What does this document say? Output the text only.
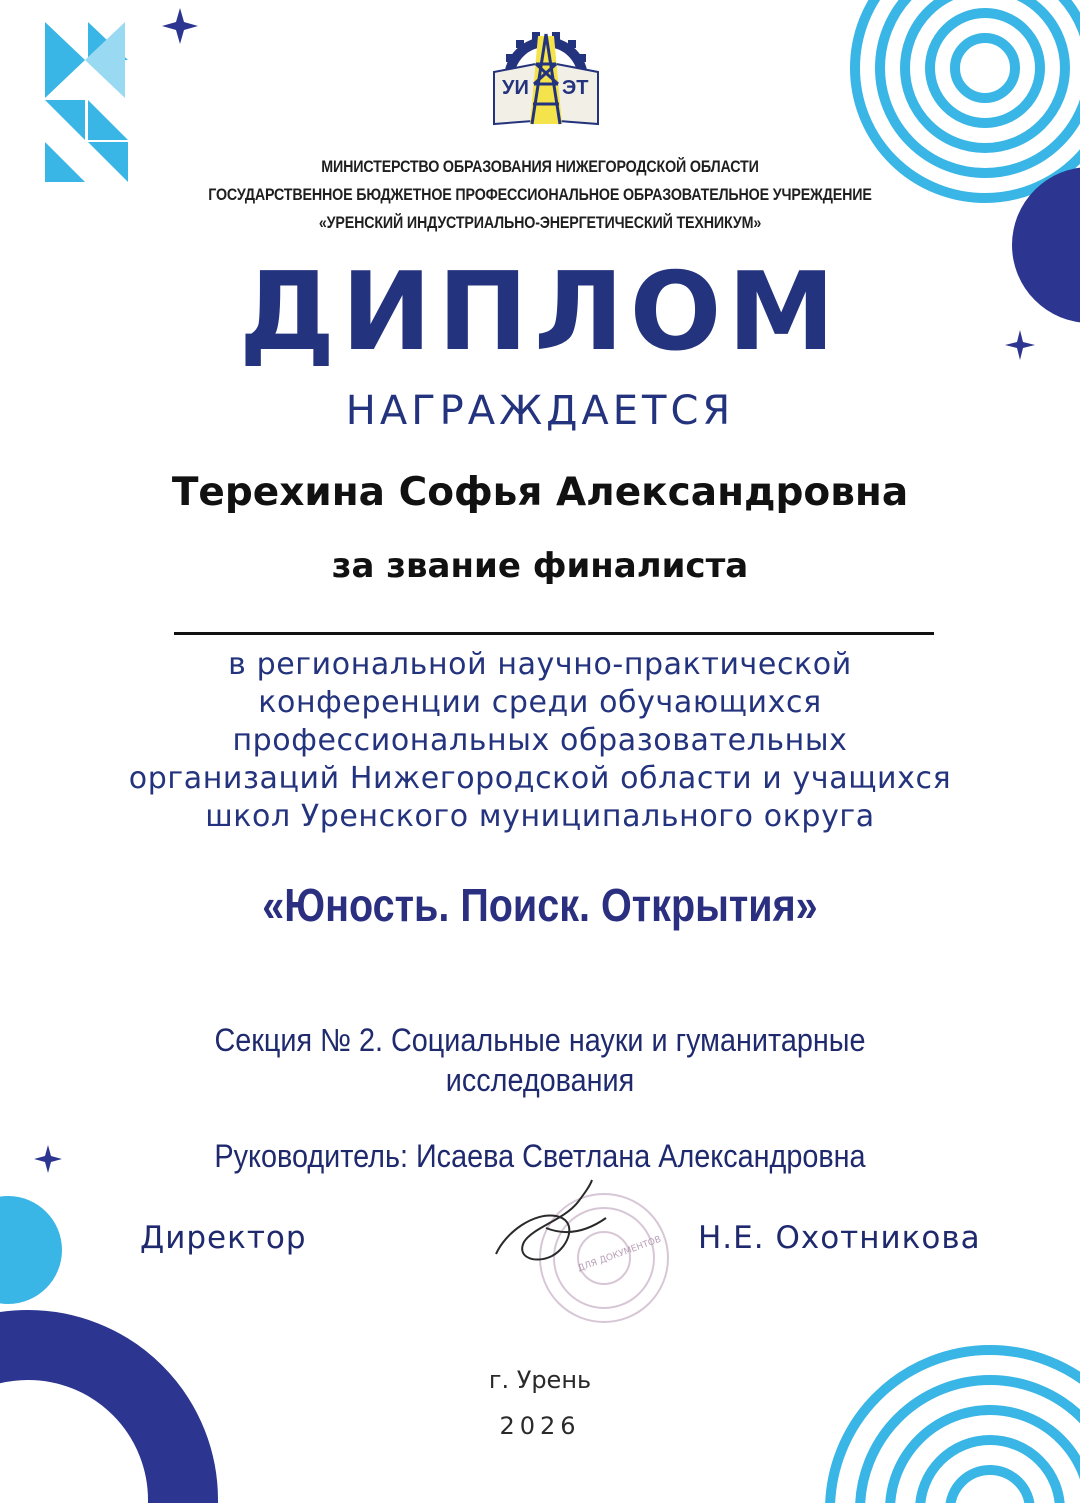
УИ ЭТ
МИНИСТЕРСТВО ОБРАЗОВАНИЯ НИЖЕГОРОДСКОЙ ОБЛАСТИ
ГОСУДАРСТВЕННОЕ БЮДЖЕТНОЕ ПРОФЕССИОНАЛЬНОЕ ОБРАЗОВАТЕЛЬНОЕ УЧРЕЖДЕНИЕ
«УРЕНСКИЙ ИНДУСТРИАЛЬНО-ЭНЕРГЕТИЧЕСКИЙ ТЕХНИКУМ»
ДИПЛОМ
НАГРАЖДАЕТСЯ
Терехина Софья Александровна
за звание финалиста
в региональной научно-практической
конференции среди обучающихся
профессиональных образовательных
организаций Нижегородской области и учащихся
школ Уренского муниципального округа
«Юность. Поиск. Открытия»
Секция № 2. Социальные науки и гуманитарные
исследования
Руководитель: Исаева Светлана Александровна
Директор	ДЛЯ ДОКУМЕНТОВ Н.Е. Охотникова
г. Урень
2026
